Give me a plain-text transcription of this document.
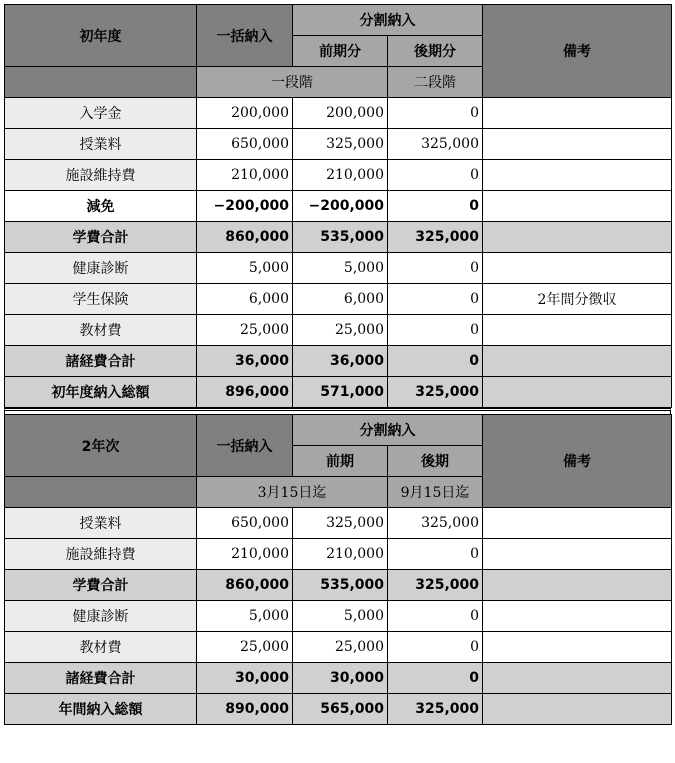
初年度	一括納入	分割納入		備考
		前期分	後期分	
	一段階		二段階	
入学金	200,000	200,000	0	
授業料	650,000	325,000	325,000	
施設維持費	210,000	210,000	0	
減免	−200,000	−200,000	0	
学費合計	860,000	535,000	325,000	
健康診断	5,000	5,000	0	
学生保険	6,000	6,000	0	2年間分徴収
教材費	25,000	25,000	0	
諸経費合計	36,000	36,000	0	
初年度納入総額	896,000	571,000	325,000	
2年次	一括納入	分割納入		備考
		前期	後期	
	3月15日迄		9月15日迄	
授業料	650,000	325,000	325,000	
施設維持費	210,000	210,000	0	
学費合計	860,000	535,000	325,000	
健康診断	5,000	5,000	0	
教材費	25,000	25,000	0	
諸経費合計	30,000	30,000	0	
年間納入総額	890,000	565,000	325,000	
